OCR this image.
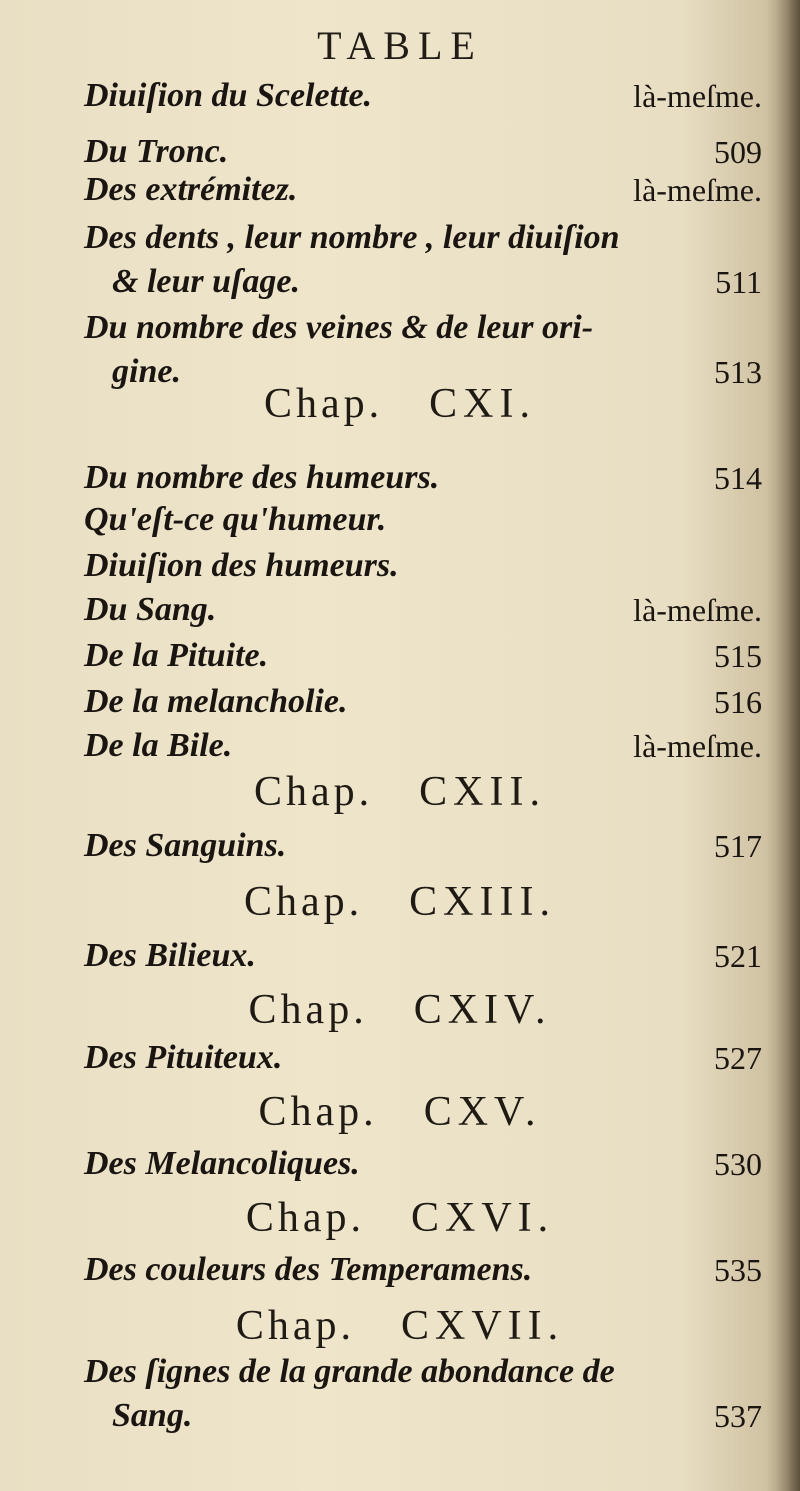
TABLE
Diuiſion du Scelette.	là-meſme.
Du Tronc.	509
Des extrémitez.	là-meſme.
Des dents , leur nombre , leur diuiſion
& leur uſage.	511
Du nombre des veines & de leur ori-
gine.	513
Chap. CXI.
Du nombre des humeurs.	514
Qu'eſt-ce qu'humeur.
Diuiſion des humeurs.
Du Sang.	là-meſme.
De la Pituite.	515
De la melancholie.	516
De la Bile.	là-meſme.
Chap. CXII.
Des Sanguins.	517
Chap. CXIII.
Des Bilieux.	521
Chap. CXIV.
Des Pituiteux.	527
Chap. CXV.
Des Melancoliques.	530
Chap. CXVI.
Des couleurs des Temperamens.	535
Chap. CXVII.
Des ſignes de la grande abondance de
Sang.	537
